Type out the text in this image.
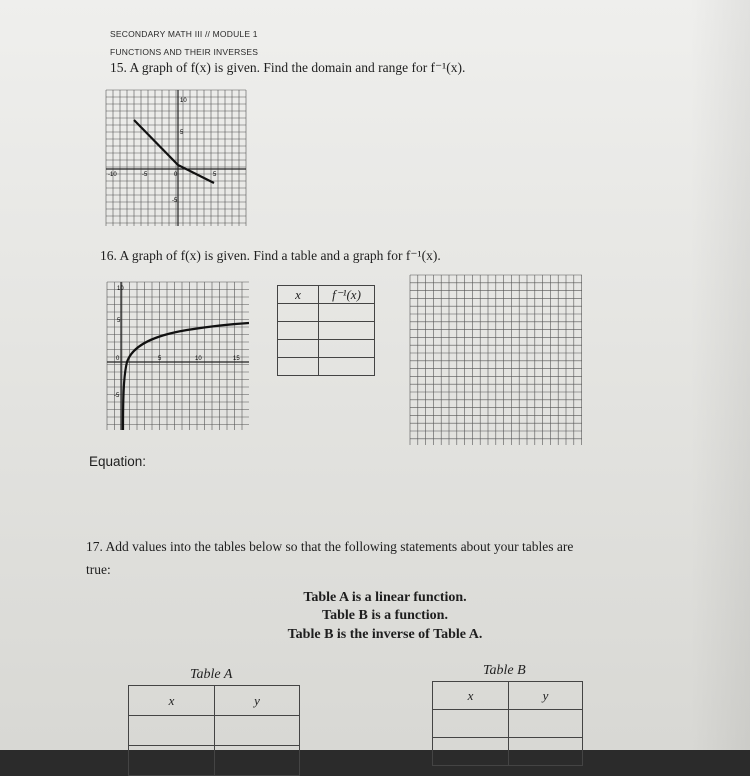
SECONDARY MATH III // MODULE 1
FUNCTIONS AND THEIR INVERSES
15. A graph of f(x) is given. Find the domain and range for f⁻¹(x).
10
5
-5
-10	-5	0	5
16. A graph of f(x) is given. Find a table and a graph for f⁻¹(x).
10
5
-5
0	5	10	15
x	f⁻¹(x)

Equation:
17. Add values into the tables below so that the following statements about your tables are
true:
Table A is a linear function.
Table B is a function.
Table B is the inverse of Table A.
Table A	Table B
x	y

		x	y
